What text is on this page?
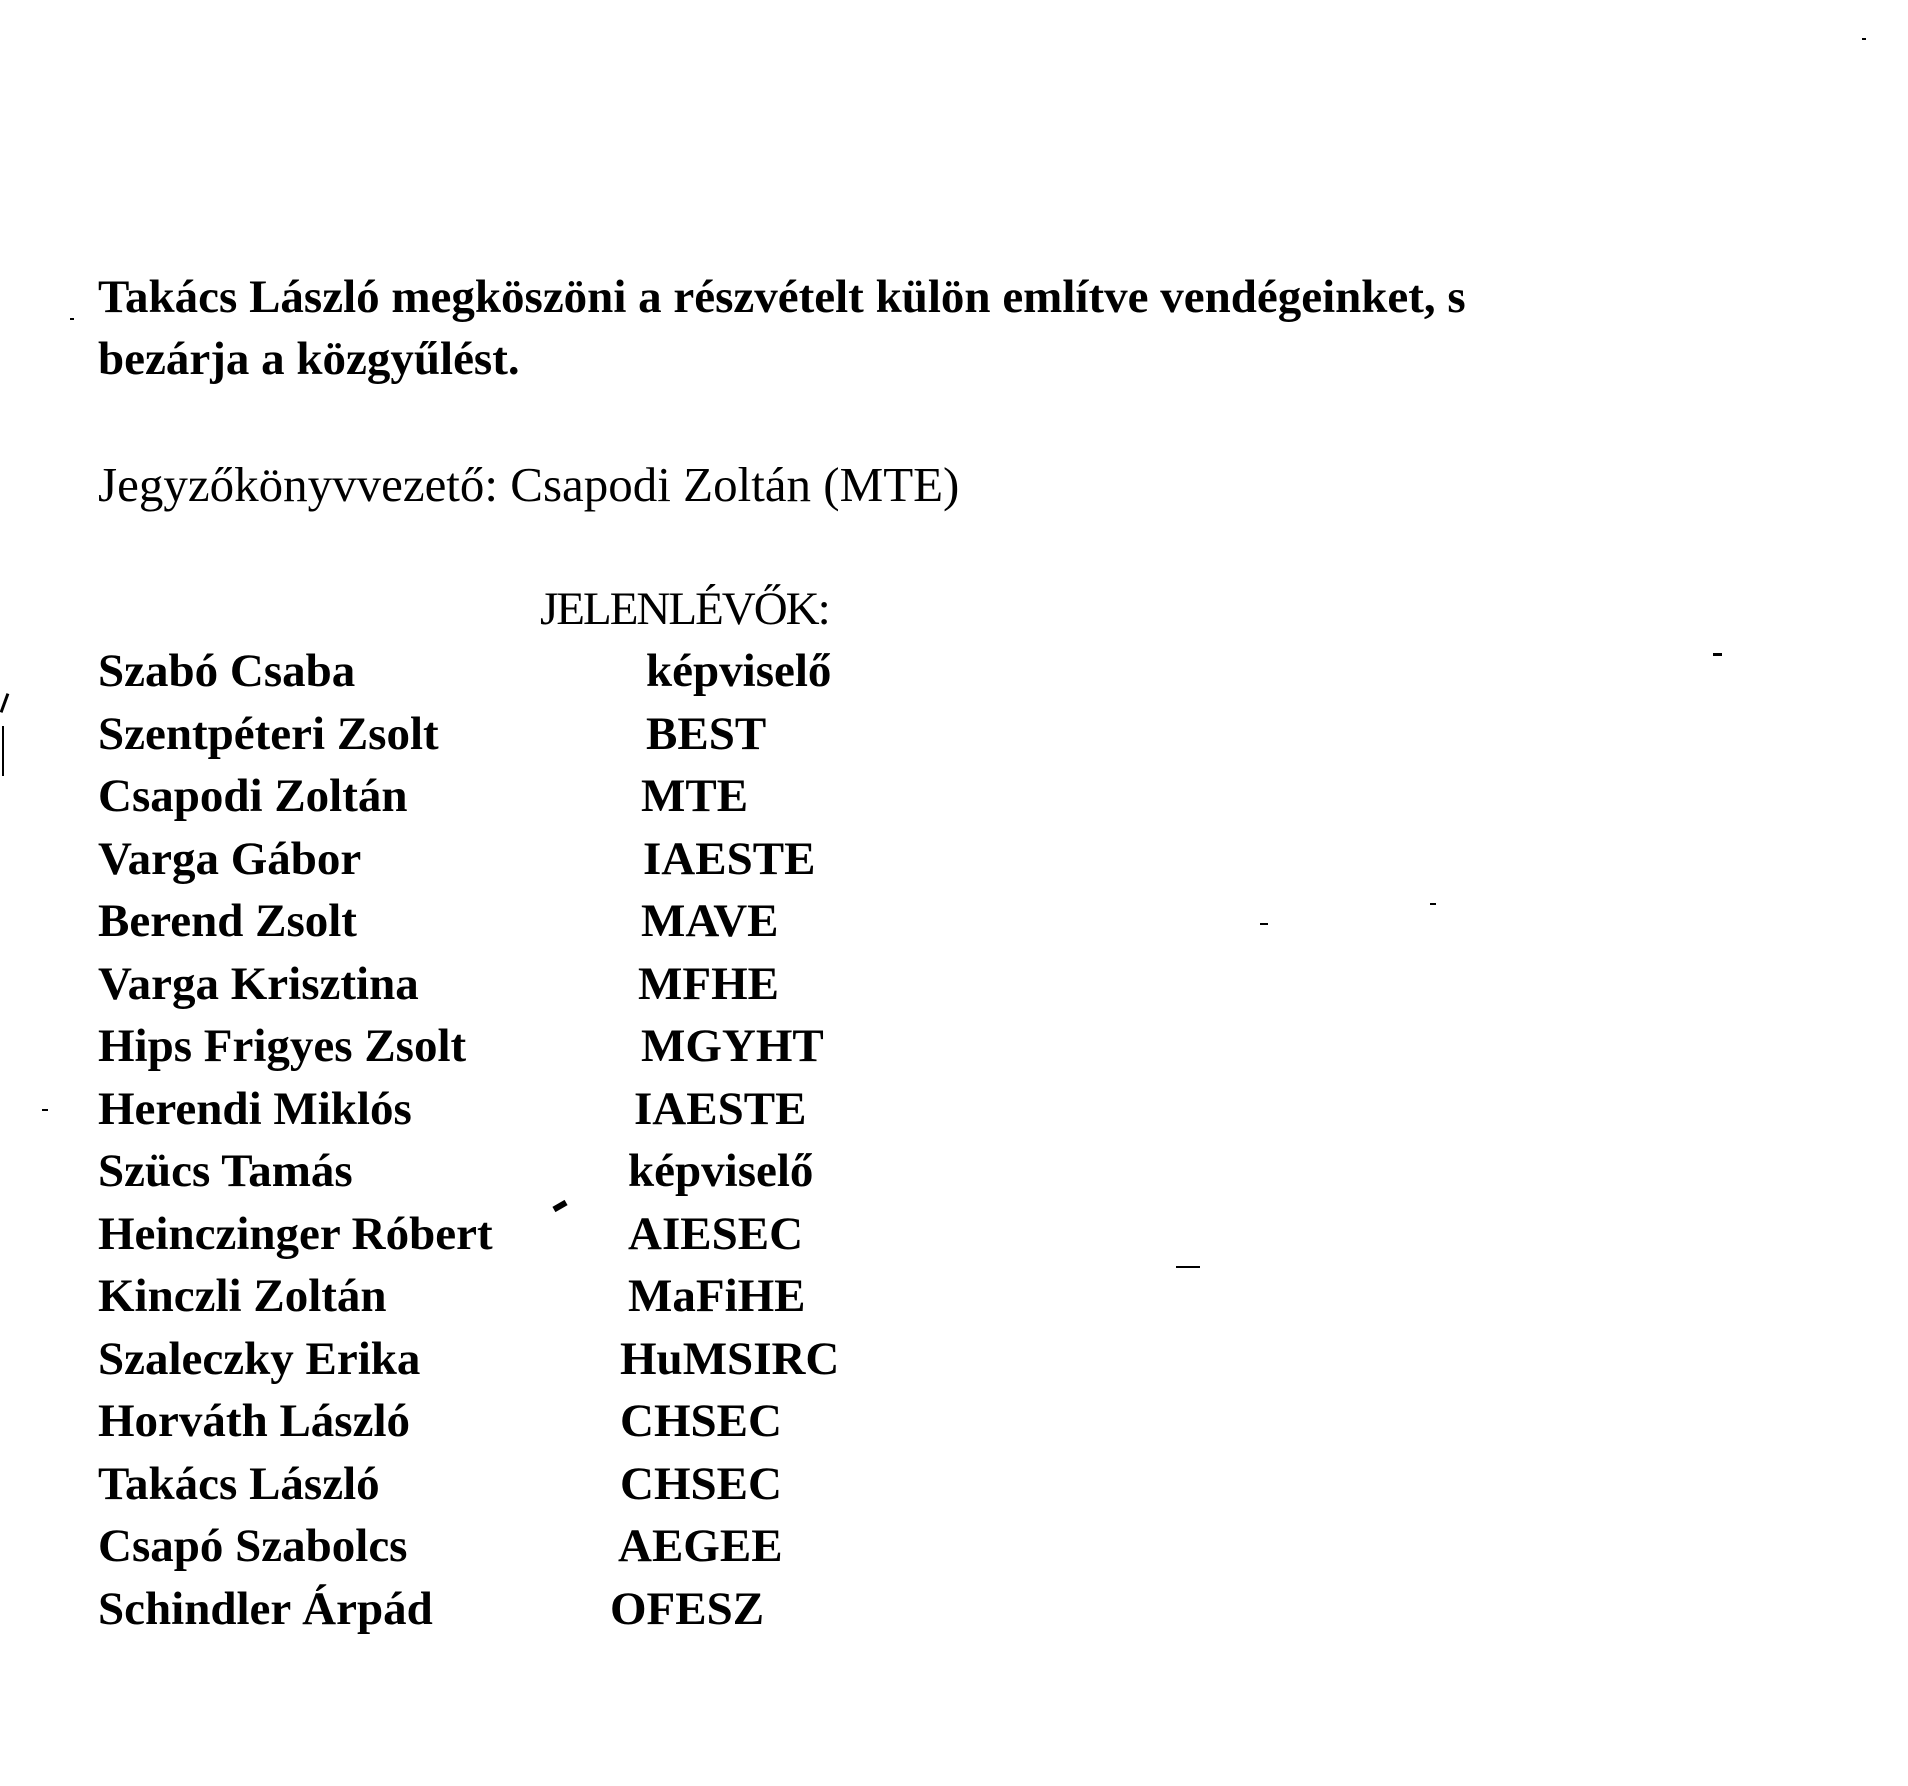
Takács László megköszöni a részvételt külön említve vendégeinket, s
bezárja a közgyűlést.
Jegyzőkönyvvezető: Csapodi Zoltán (MTE)
JELENLÉVŐK:
Szabó Csaba	képviselő
Szentpéteri Zsolt	BEST
Csapodi Zoltán	MTE
Varga Gábor	IAESTE
Berend Zsolt	MAVE
Varga Krisztina	MFHE
Hips Frigyes Zsolt	MGYHT
Herendi Miklós	IAESTE
Szücs Tamás	képviselő
Heinczinger Róbert	AIESEC
Kinczli Zoltán	MaFiHE
Szaleczky Erika	HuMSIRC
Horváth László	CHSEC
Takács László	CHSEC
Csapó Szabolcs	AEGEE
Schindler Árpád	OFESZ
